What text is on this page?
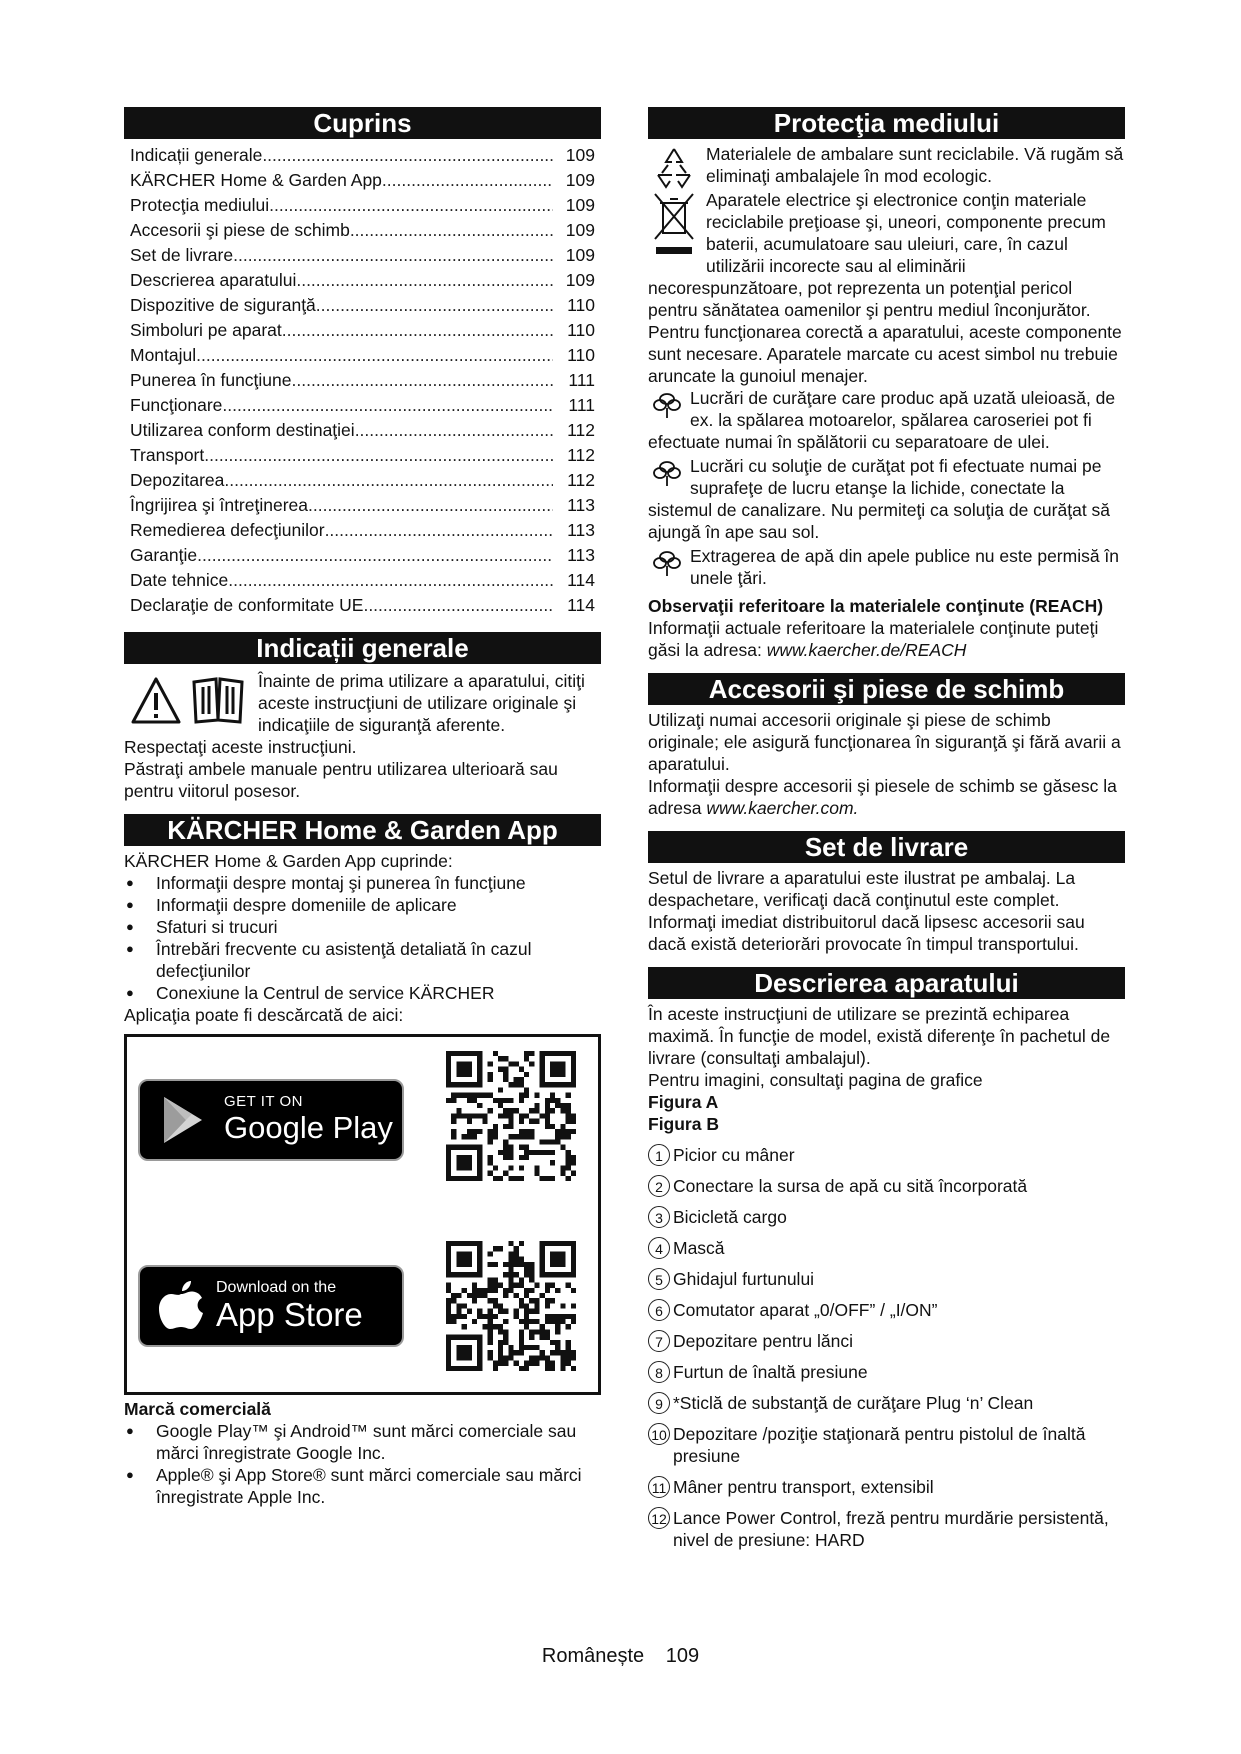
Cuprins
Indicații generale .....	109
KÄRCHER Home & Garden App .....	109
Protecţia mediului .....	109
Accesorii şi piese de schimb .....	109
Set de livrare .....	109
Descrierea aparatului .....	109
Dispozitive de siguranţă .....	110
Simboluri pe aparat .....	110
Montajul .....	110
Punerea în funcţiune .....	111
Funcţionare .....	111
Utilizarea conform destinaţiei .....	112
Transport .....	112
Depozitarea .....	112
Îngrijirea şi întreţinerea .....	113
Remedierea defecţiunilor .....	113
Garanţie .....	113
Date tehnice .....	114
Declaraţie de conformitate UE .....	114
Indicații generale

Înainte de prima utilizare a aparatului, citiţi aceste instrucţiuni de utilizare originale şi indicaţiile de siguranţă aferente.

Respectaţi aceste instrucţiuni.

Păstraţi ambele manuale pentru utilizarea ulterioară sau pentru viitorul posesor.

KÄRCHER Home & Garden App

KÄRCHER Home & Garden App cuprinde:

● Informaţii despre montaj şi punerea în funcţiune
● Informaţii despre domeniile de aplicare
● Sfaturi si trucuri
● Întrebări frecvente cu asistenţă detaliată în cazul defecţiunilor
● Conexiune la Centrul de service KÄRCHER

Aplicaţia poate fi descărcată de aici:

GET IT ON
Google Play
Download on the
App Store

Marcă comercială

● Google Play™ şi Android™ sunt mărci comerciale sau mărci înregistrate Google Inc.
● Apple® şi App Store® sunt mărci comerciale sau mărci înregistrate Apple Inc.
Protecţia mediului

Materialele de ambalare sunt reciclabile. Vă rugăm să eliminaţi ambalajele în mod ecologic.

Aparatele electrice şi electronice conţin materiale reciclabile preţioase şi, uneori, componente precum baterii, acumulatoare sau uleiuri, care, în cazul utilizării incorecte sau al eliminării necorespunzătoare, pot reprezenta un potenţial pericol pentru sănătatea oamenilor şi pentru mediul înconjurător. Pentru funcţionarea corectă a aparatului, aceste componente sunt necesare. Aparatele marcate cu acest simbol nu trebuie aruncate la gunoiul menajer.

Lucrări de curăţare care produc apă uzată uleioasă, de ex. la spălarea motoarelor, spălarea caroseriei pot fi efectuate numai în spălătorii cu separatoare de ulei.

Lucrări cu soluţie de curăţat pot fi efectuate numai pe suprafeţe de lucru etanşe la lichide, conectate la sistemul de canalizare. Nu permiteţi ca soluţia de curăţat să ajungă în ape sau sol.

Extragerea de apă din apele publice nu este permisă în unele ţări.

Observaţii referitoare la materialele conţinute (REACH)

Informaţii actuale referitoare la materialele conţinute puteţi găsi la adresa: www.kaercher.de/REACH

Accesorii şi piese de schimb

Utilizaţi numai accesorii originale şi piese de schimb originale; ele asigură funcţionarea în siguranţă şi fără avarii a aparatului.

Informaţii despre accesorii şi piesele de schimb se găsesc la adresa www.kaercher.com.

Set de livrare

Setul de livrare a aparatului este ilustrat pe ambalaj. La despachetare, verificaţi dacă conţinutul este complet.

Informaţi imediat distribuitorul dacă lipsesc accesorii sau dacă există deteriorări provocate în timpul transportului.

Descrierea aparatului

În aceste instrucţiuni de utilizare se prezintă echiparea maximă. În funcţie de model, există diferenţe în pachetul de livrare (consultaţi ambalajul).

Pentru imagini, consultaţi pagina de grafice

Figura A

Figura B

1 Picior cu mâner
2 Conectare la sursa de apă cu sită încorporată
3 Bicicletă cargo
4 Mască
5 Ghidajul furtunului
6 Comutator aparat „0/OFF” / „I/ON”
7 Depozitare pentru lănci
8 Furtun de înaltă presiune
9 *Sticlă de substanţă de curăţare Plug ‘n’ Clean
10 Depozitare /poziţie staţionară pentru pistolul de înaltă presiune
11 Mâner pentru transport, extensibil
12 Lance Power Control, freză pentru murdărie persistentă, nivel de presiune: HARD
Românește 109
